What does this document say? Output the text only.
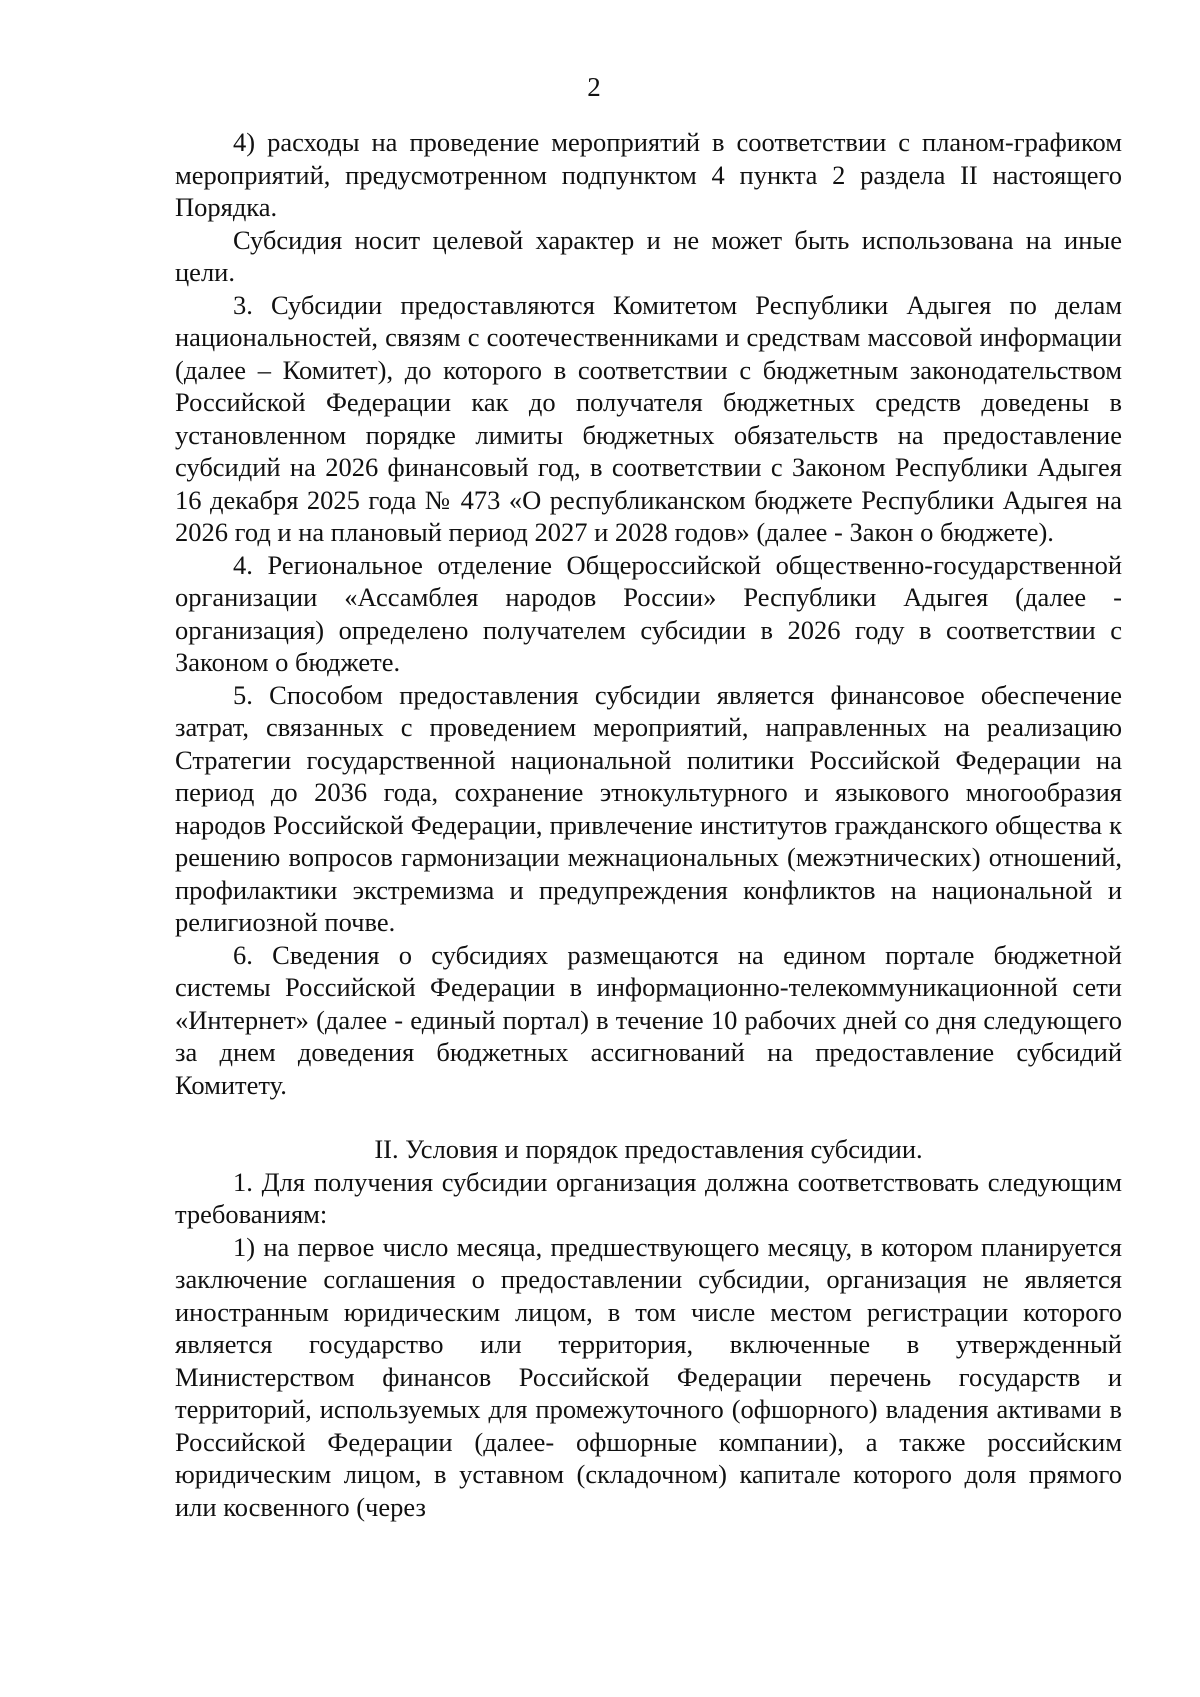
2

4) расходы на проведение мероприятий в соответствии с планом-графиком мероприятий, предусмотренном подпунктом 4 пункта 2 раздела II настоящего Порядка.

Субсидия носит целевой характер и не может быть использована на иные цели.

3. Субсидии предоставляются Комитетом Республики Адыгея по делам национальностей, связям с соотечественниками и средствам массовой информации (далее – Комитет), до которого в соответствии с бюджетным законодательством Российской Федерации как до получателя бюджетных средств доведены в установленном порядке лимиты бюджетных обязательств на предоставление субсидий на 2026 финансовый год, в соответствии с Законом Республики Адыгея 16 декабря 2025 года № 473 «О республиканском бюджете Республики Адыгея на 2026 год и на плановый период 2027 и 2028 годов» (далее - Закон о бюджете).

4. Региональное отделение Общероссийской общественно-государственной организации «Ассамблея народов России» Республики Адыгея (далее - организация) определено получателем субсидии в 2026 году в соответствии с Законом о бюджете.

5. Способом предоставления субсидии является финансовое обеспечение затрат, связанных с проведением мероприятий, направленных на реализацию Стратегии государственной национальной политики Российской Федерации на период до 2036 года, сохранение этнокультурного и языкового многообразия народов Российской Федерации, привлечение институтов гражданского общества к решению вопросов гармонизации межнациональных (межэтнических) отношений, профилактики экстремизма и предупреждения конфликтов на национальной и религиозной почве.

6. Сведения о субсидиях размещаются на едином портале бюджетной системы Российской Федерации в информационно-телекоммуникационной сети «Интернет» (далее - единый портал) в течение 10 рабочих дней со дня следующего за днем доведения бюджетных ассигнований на предоставление субсидий Комитету.

II. Условия и порядок предоставления субсидии.

1. Для получения субсидии организация должна соответствовать следующим требованиям:

1) на первое число месяца, предшествующего месяцу, в котором планируется заключение соглашения о предоставлении субсидии, организация не является иностранным юридическим лицом, в том числе местом регистрации которого является государство или территория, включенные в утвержденный Министерством финансов Российской Федерации перечень государств и территорий, используемых для промежуточного (офшорного) владения активами в Российской Федерации (далее- офшорные компании), а также российским юридическим лицом, в уставном (складочном) капитале которого доля прямого или косвенного (через
